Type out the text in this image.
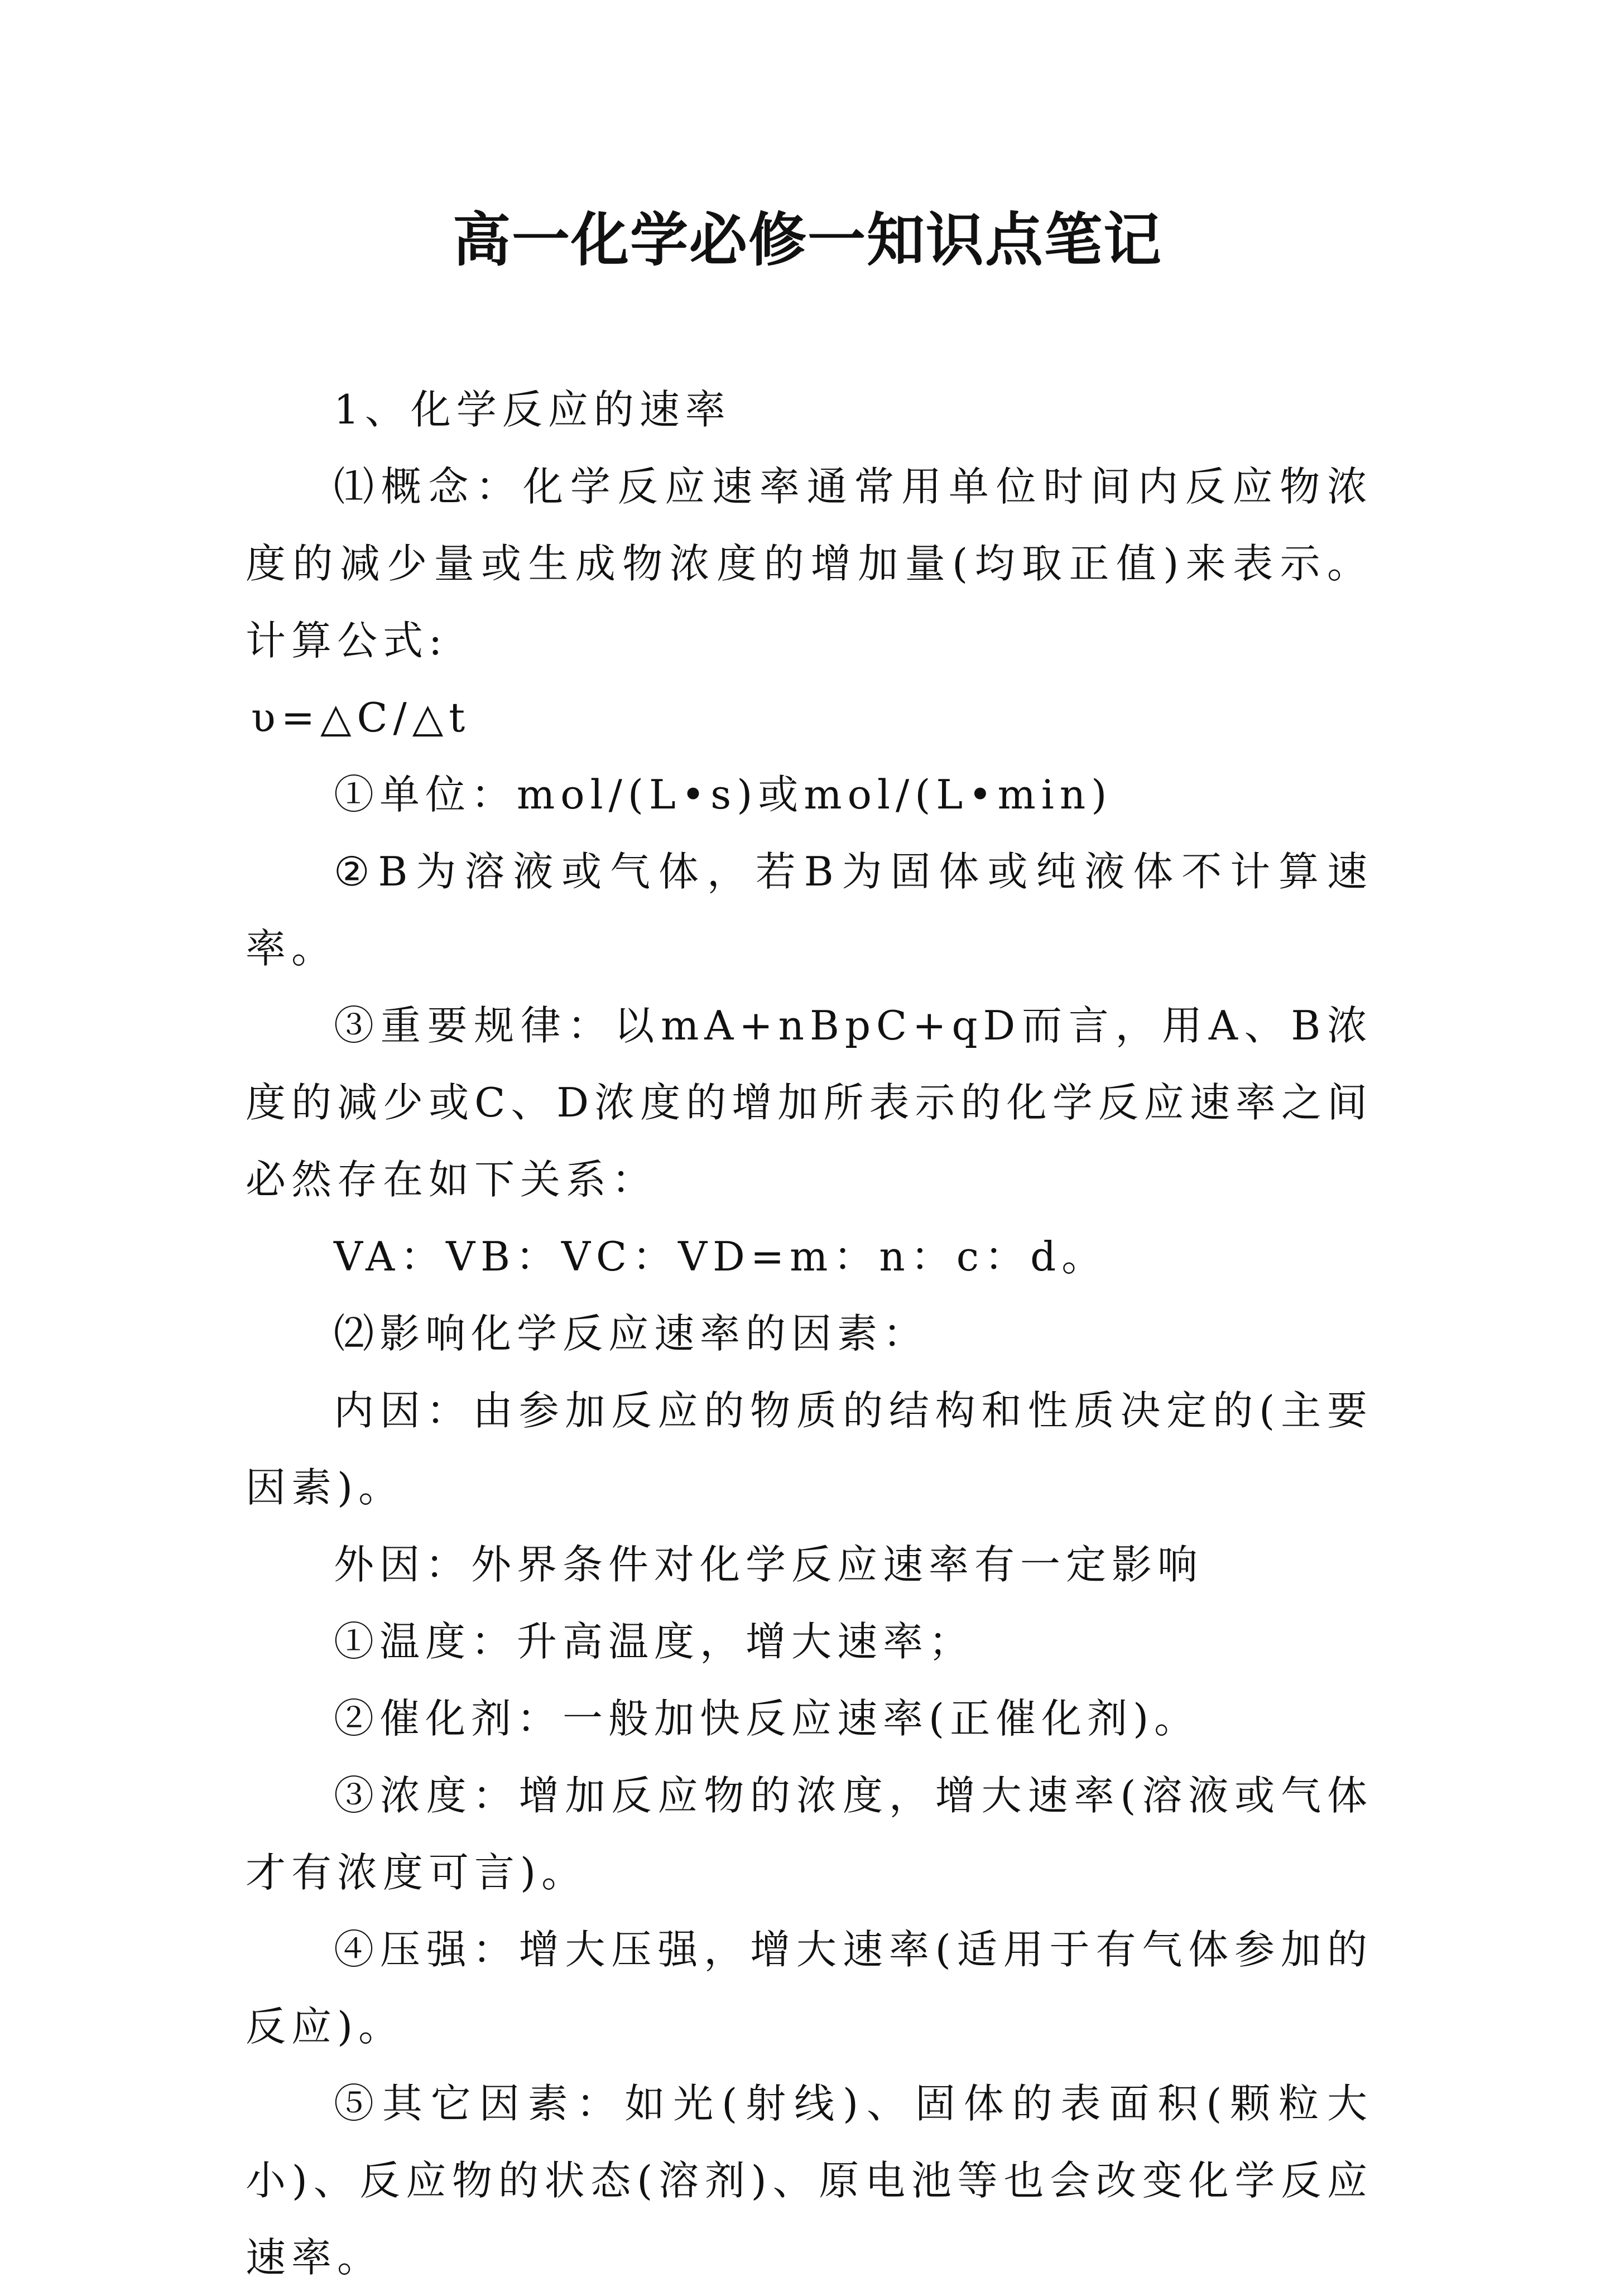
高一化学必修一知识点笔记

1、化学反应的速率

⑴概念：化学反应速率通常用单位时间内反应物浓度的减少量或生成物浓度的增加量(均取正值)来表示。计算公式:

υ=△C/△t

①单位：mol/(L•s)或mol/(L•min)

②B为溶液或气体，若B为固体或纯液体不计算速率。

③重要规律：以mA+nBpC+qD而言，用A、B浓度的减少或C、D浓度的增加所表示的化学反应速率之间必然存在如下关系：

VA：VB：VC：VD=m：n：c：d。

⑵影响化学反应速率的因素：

内因：由参加反应的物质的结构和性质决定的(主要因素)。

外因：外界条件对化学反应速率有一定影响

①温度：升高温度，增大速率；

②催化剂：一般加快反应速率(正催化剂)。

③浓度：增加反应物的浓度，增大速率(溶液或气体才有浓度可言)。

④压强：增大压强，增大速率(适用于有气体参加的反应)。

⑤其它因素：如光(射线)、固体的表面积(颗粒大小)、反应物的状态(溶剂)、原电池等也会改变化学反应速率。
